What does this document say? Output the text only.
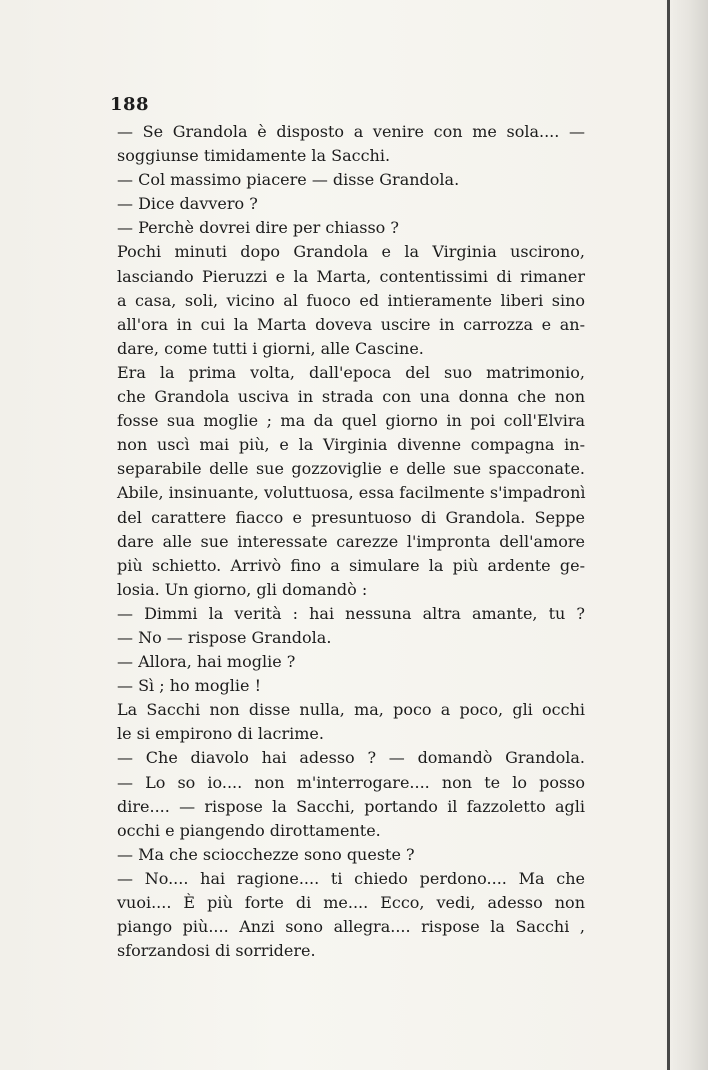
188

— Se Grandola è disposto a venire con me sola.... —
soggiunse timidamente la Sacchi.
— Col massimo piacere — disse Grandola.
— Dice davvero ?
— Perchè dovrei dire per chiasso ?
Pochi minuti dopo Grandola e la Virginia uscirono,
lasciando Pieruzzi e la Marta, contentissimi di rimaner
a casa, soli, vicino al fuoco ed intieramente liberi sino
all'ora in cui la Marta doveva uscire in carrozza e an-
dare, come tutti i giorni, alle Cascine.
Era la prima volta, dall'epoca del suo matrimonio,
che Grandola usciva in strada con una donna che non
fosse sua moglie ; ma da quel giorno in poi coll'Elvira
non uscì mai più, e la Virginia divenne compagna in-
separabile delle sue gozzoviglie e delle sue spacconate.
Abile, insinuante, voluttuosa, essa facilmente s'impadronì
del carattere fiacco e presuntuoso di Grandola. Seppe
dare alle sue interessate carezze l'impronta dell'amore
più schietto. Arrivò fino a simulare la più ardente ge-
losia. Un giorno, gli domandò :
— Dimmi la verità : hai nessuna altra amante, tu ?
— No — rispose Grandola.
— Allora, hai moglie ?
— Sì ; ho moglie !
La Sacchi non disse nulla, ma, poco a poco, gli occhi
le si empirono di lacrime.
— Che diavolo hai adesso ? — domandò Grandola.
— Lo so io.... non m'interrogare.... non te lo posso
dire.... — rispose la Sacchi, portando il fazzoletto agli
occhi e piangendo dirottamente.
— Ma che sciocchezze sono queste ?
— No.... hai ragione.... ti chiedo perdono.... Ma che
vuoi.... È più forte di me.... Ecco, vedi, adesso non
piango più.... Anzi sono allegra.... rispose la Sacchi ,
sforzandosi di sorridere.
